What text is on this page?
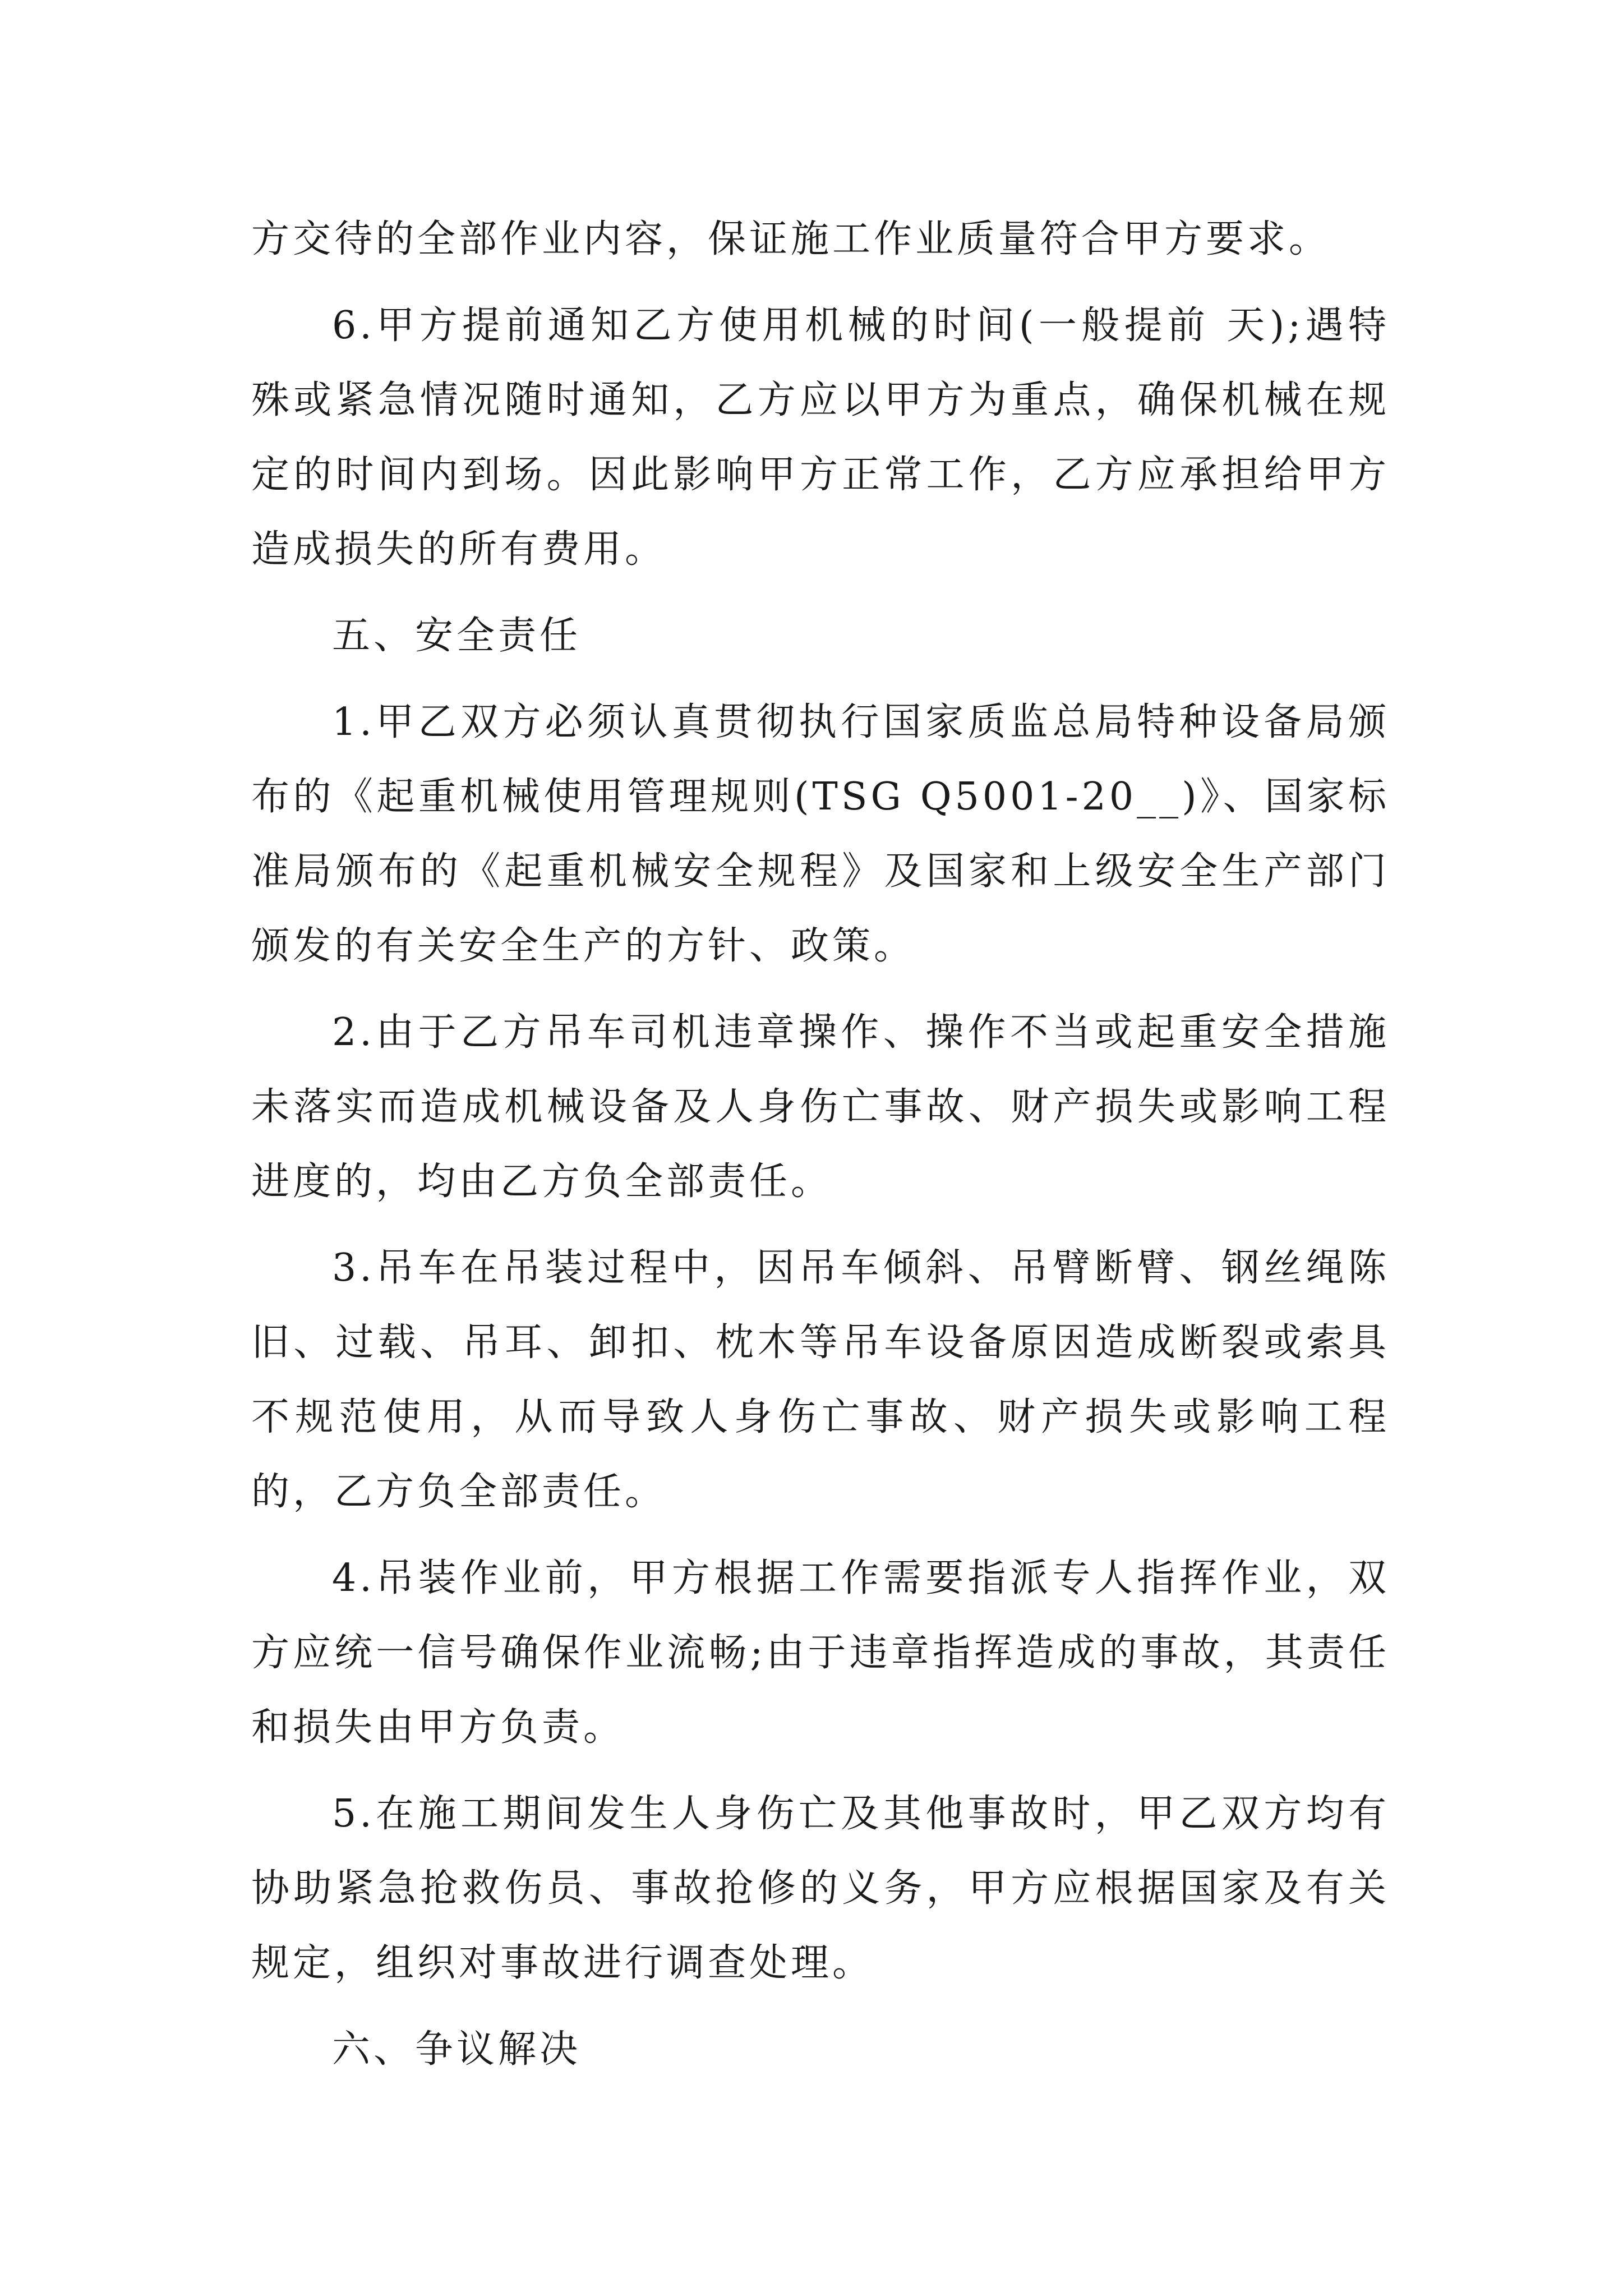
方交待的全部作业内容，保证施工作业质量符合甲方要求。

6.甲方提前通知乙方使用机械的时间(一般提前 天);遇特殊或紧急情况随时通知，乙方应以甲方为重点，确保机械在规定的时间内到场。因此影响甲方正常工作，乙方应承担给甲方造成损失的所有费用。

五、安全责任

1.甲乙双方必须认真贯彻执行国家质监总局特种设备局颁布的《起重机械使用管理规则(TSG Q5001-20__)》、国家标准局颁布的《起重机械安全规程》及国家和上级安全生产部门颁发的有关安全生产的方针、政策。

2.由于乙方吊车司机违章操作、操作不当或起重安全措施未落实而造成机械设备及人身伤亡事故、财产损失或影响工程进度的，均由乙方负全部责任。

3.吊车在吊装过程中，因吊车倾斜、吊臂断臂、钢丝绳陈旧、过载、吊耳、卸扣、枕木等吊车设备原因造成断裂或索具不规范使用，从而导致人身伤亡事故、财产损失或影响工程的，乙方负全部责任。

4.吊装作业前，甲方根据工作需要指派专人指挥作业，双方应统一信号确保作业流畅;由于违章指挥造成的事故，其责任和损失由甲方负责。

5.在施工期间发生人身伤亡及其他事故时，甲乙双方均有协助紧急抢救伤员、事故抢修的义务，甲方应根据国家及有关规定，组织对事故进行调查处理。

六、争议解决
